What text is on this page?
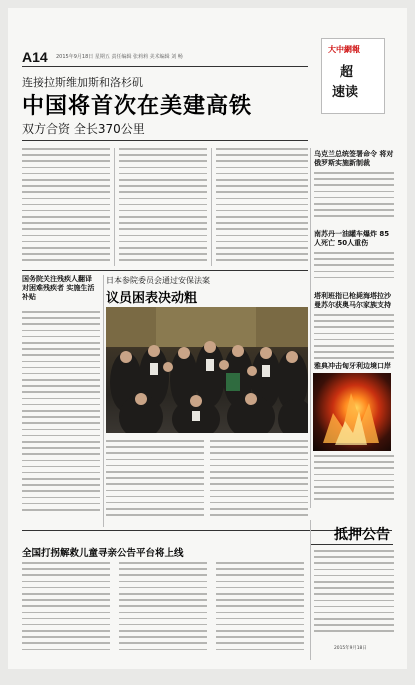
A14 2015年9月18日 星期五 责任编辑 张莉莉 美术编辑 刘 畅
大中網報
超
速读
连接拉斯维加斯和洛杉矶
中国将首次在美建高铁
双方合资 全长370公里
国务院关注残疾人翻译 对困难残疾者 实施生活补贴
日本参院委员会通过安保法案
议员困表决动粗
乌克兰总统签署命令 将对俄罗斯实施新制裁
南苏丹一油罐车爆炸 85人死亡 50人重伤
塔利班指已枪毙海塔拉沙 曼苏尔获奥马尔家族支持
雅典冲击匈牙利边境口岸
全国打拐解救儿童寻亲公告平台将上线
抵押公告
2015年9月18日
